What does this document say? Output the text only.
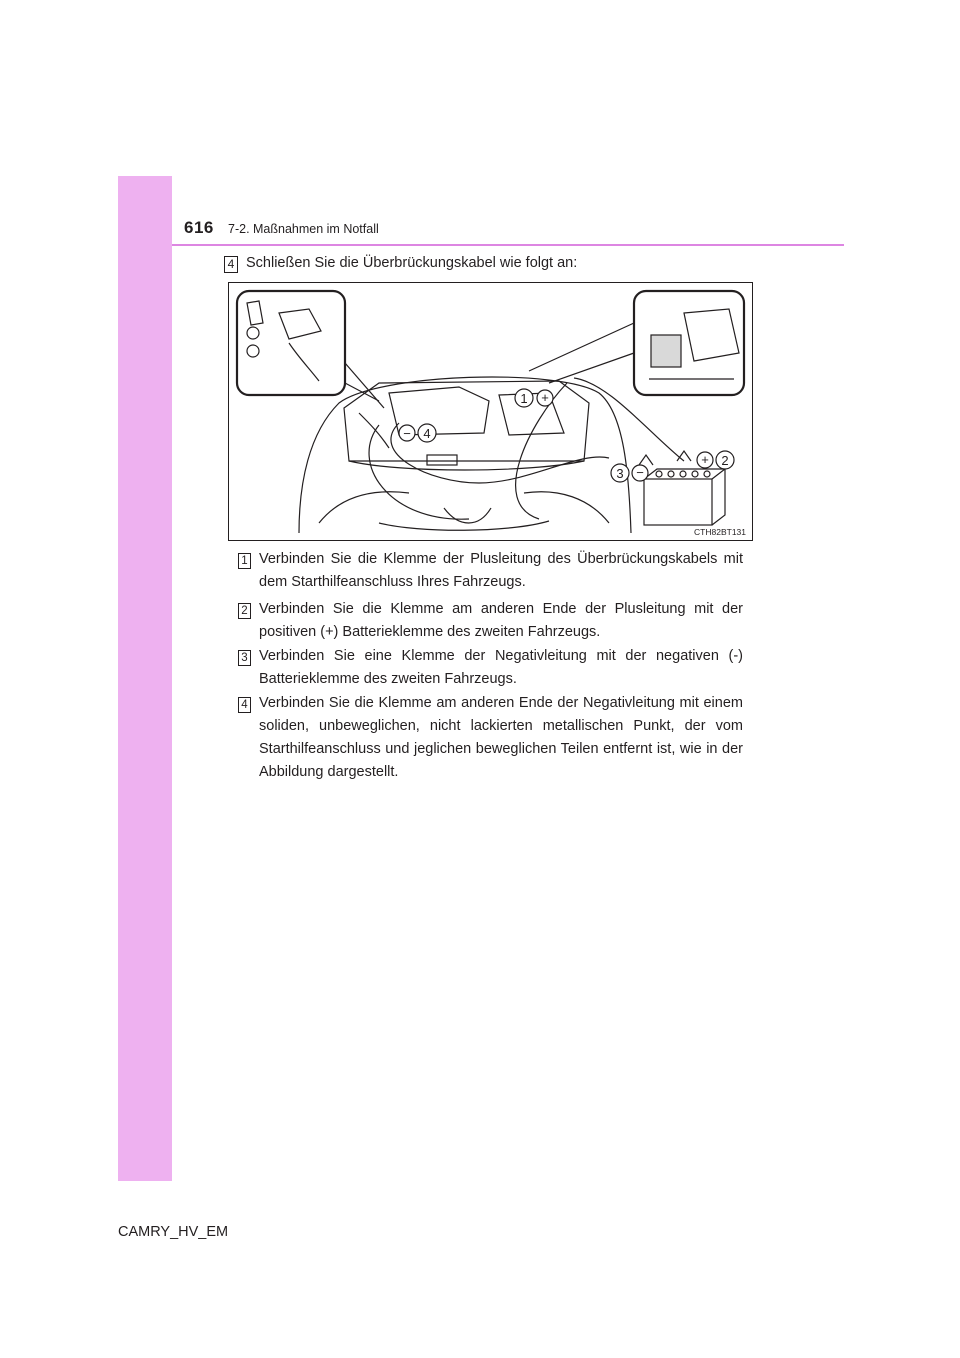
616 7-2. Maßnahmen im Notfall
4 Schließen Sie die Überbrückungskabel wie folgt an:
1 +
− 4
+ 2
3 −
CTH82BT131
1 Verbinden Sie die Klemme der Plusleitung des Überbrückungskabels mit dem Starthilfeanschluss Ihres Fahrzeugs.
2 Verbinden Sie die Klemme am anderen Ende der Plusleitung mit der positiven (+) Batterieklemme des zweiten Fahrzeugs.
3 Verbinden Sie eine Klemme der Negativleitung mit der negativen (-) Batterieklemme des zweiten Fahrzeugs.
4 Verbinden Sie die Klemme am anderen Ende der Negativleitung mit einem soliden, unbeweglichen, nicht lackierten metallischen Punkt, der vom Starthilfeanschluss und jeglichen beweglichen Teilen entfernt ist, wie in der Abbildung dargestellt.
CAMRY_HV_EM
